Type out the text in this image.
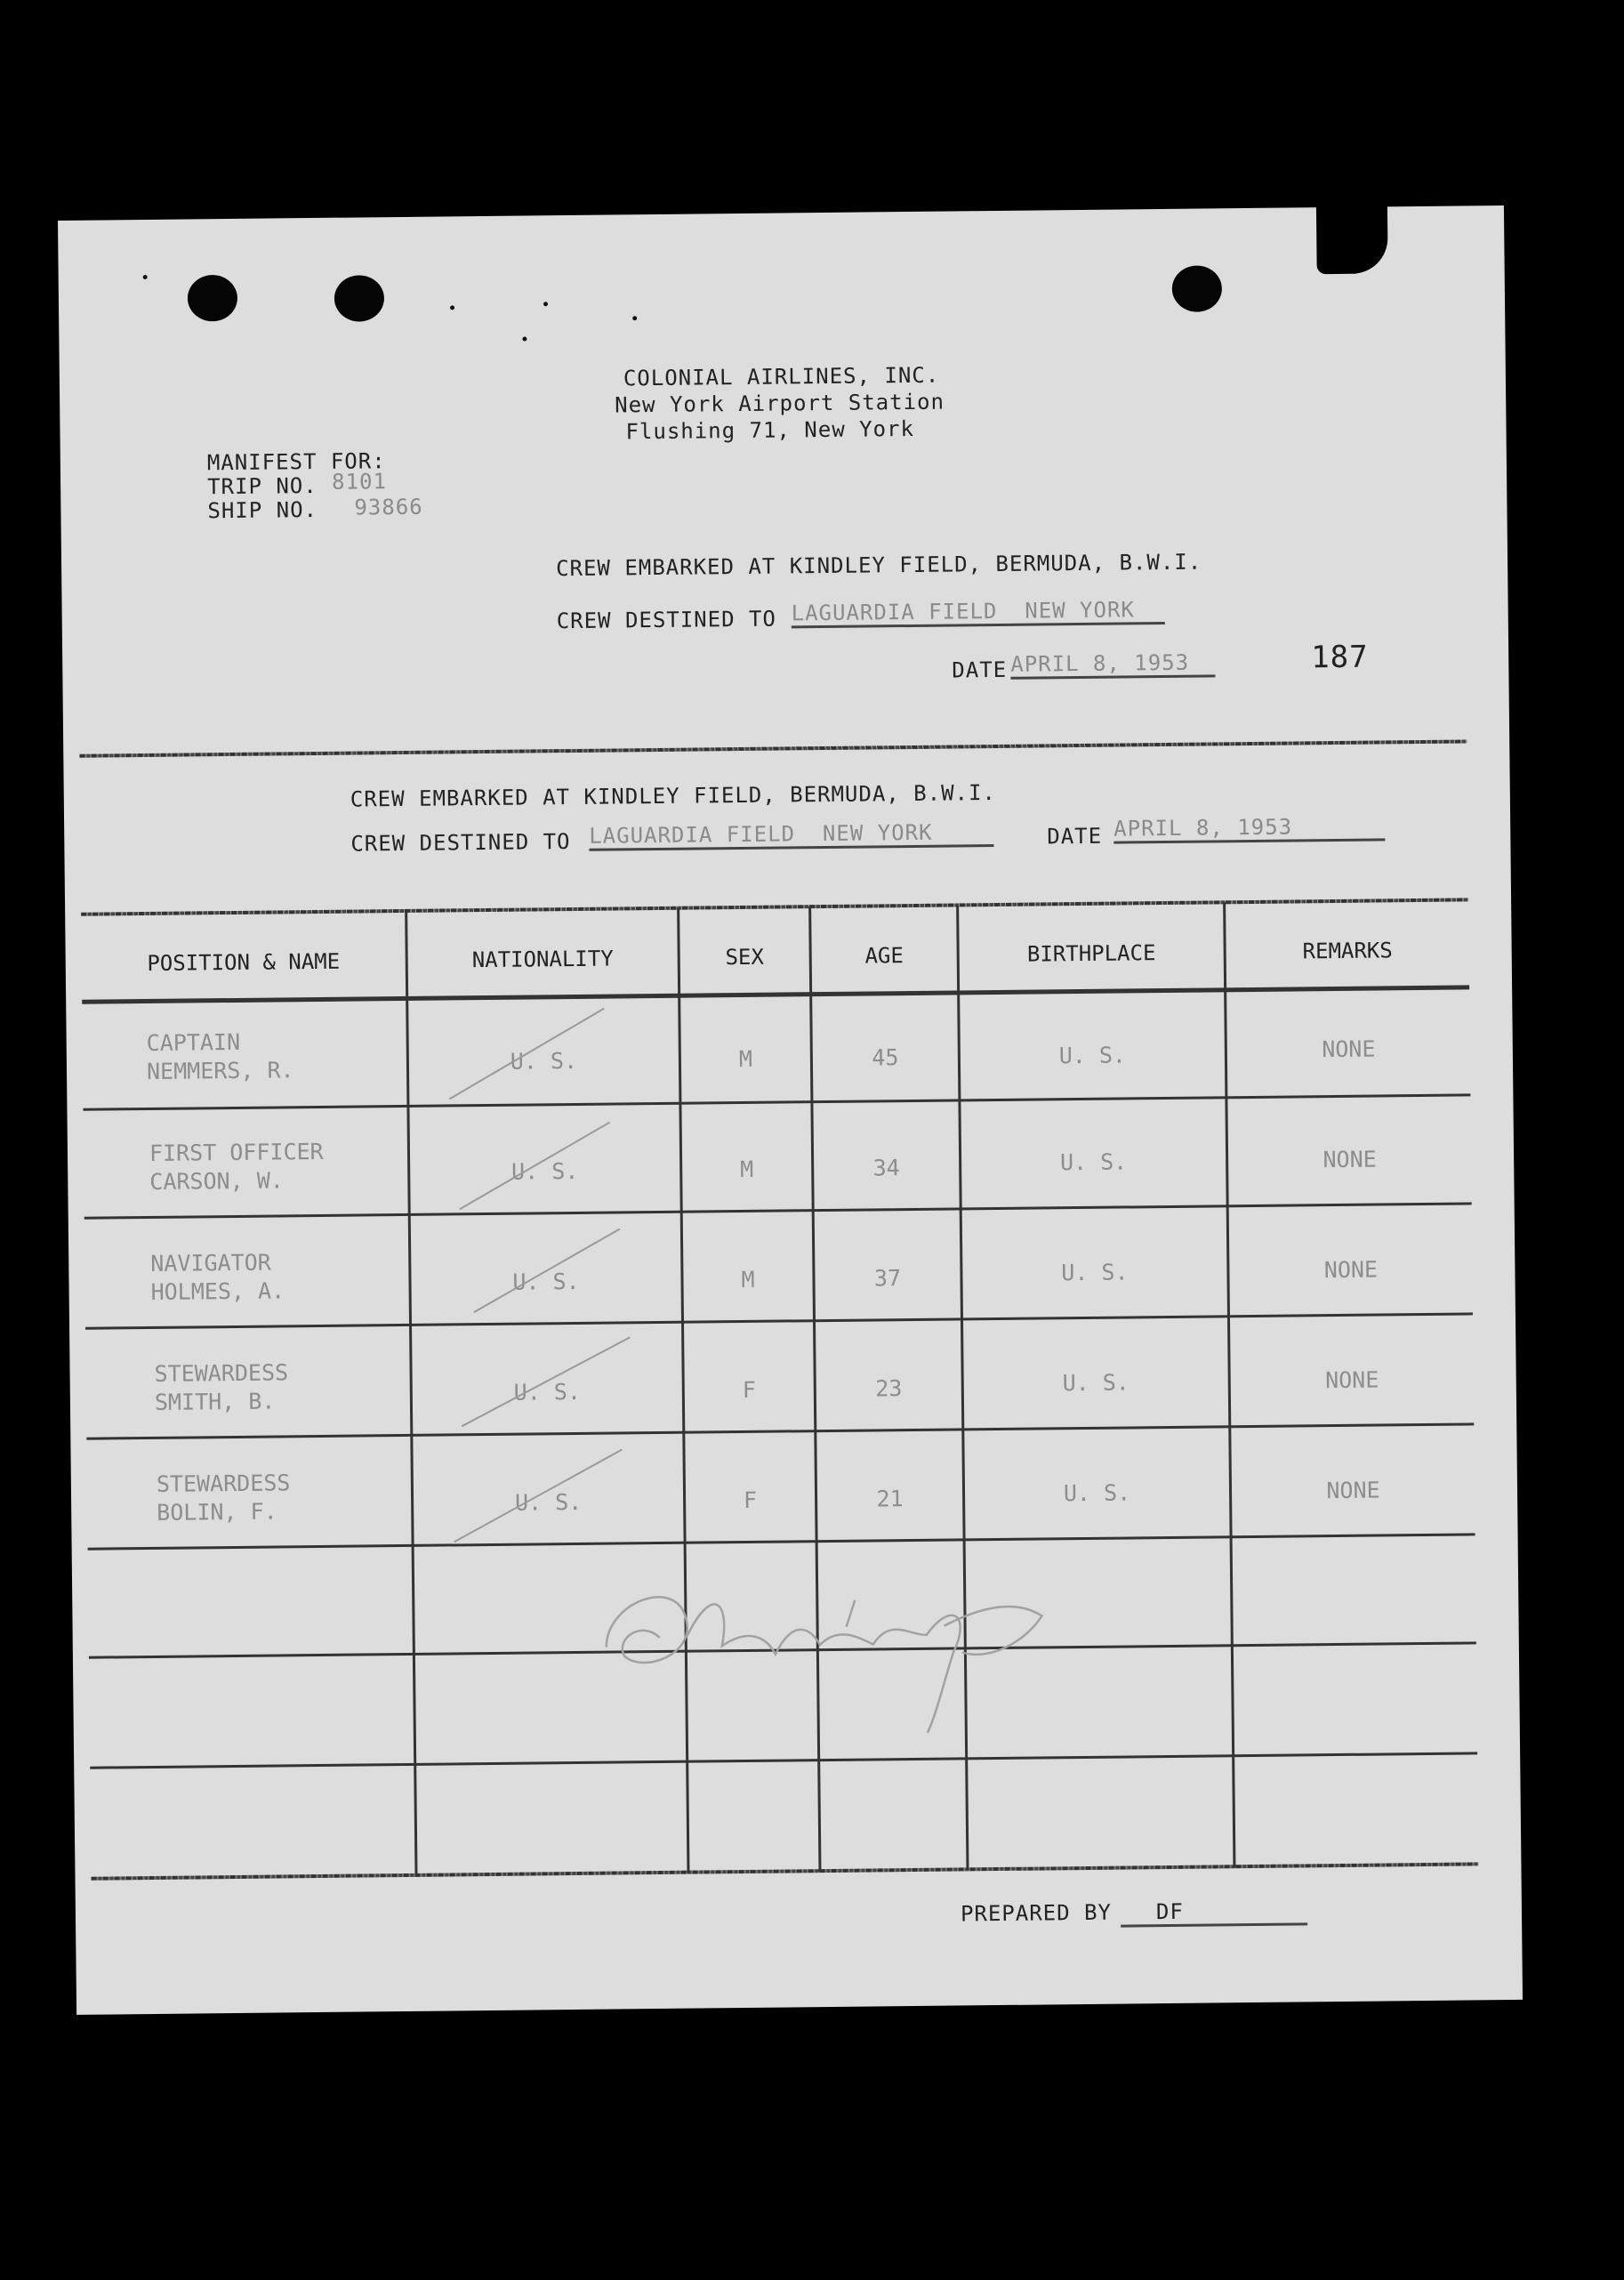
COLONIAL AIRLINES, INC.
New York Airport Station
Flushing 71, New York
MANIFEST FOR:
TRIP NO. 8101
SHIP NO. 93866
CREW EMBARKED AT KINDLEY FIELD, BERMUDA, B.W.I.
CREW DESTINED TO LAGUARDIA FIELD  NEW YORK
DATE APRIL 8, 1953	187
CREW EMBARKED AT KINDLEY FIELD, BERMUDA, B.W.I.
CREW DESTINED TO LAGUARDIA FIELD  NEW YORK	DATE APRIL 8, 1953
POSITION & NAME	NATIONALITY	SEX	AGE	BIRTHPLACE	REMARKS
CAPTAIN
NEMMERS, R.	U. S.	M	45	U. S.	NONE
FIRST OFFICER
CARSON, W.	U. S.	M	34	U. S.	NONE
NAVIGATOR
HOLMES, A.	U. S.	M	37	U. S.	NONE
STEWARDESS
SMITH, B.	U. S.	F	23	U. S.	NONE
STEWARDESS
BOLIN, F.	U. S.	F	21	U. S.	NONE
PREPARED BY	DF
